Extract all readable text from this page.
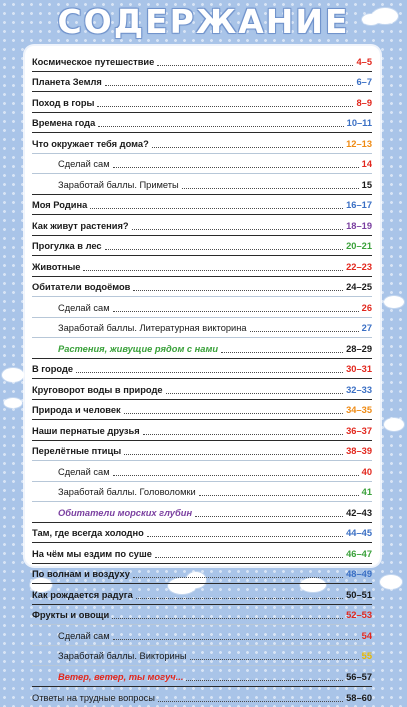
СОДЕРЖАНИЕ
Космическое путешествие	4–5
Планета Земля	6–7
Поход в горы	8–9
Времена года	10–11
Что окружает тебя дома?	12–13
Сделай сам	14
Заработай баллы. Приметы	15
Моя Родина	16–17
Как живут растения?	18–19
Прогулка в лес	20–21
Животные	22–23
Обитатели водоёмов	24–25
Сделай сам	26
Заработай баллы. Литературная викторина	27
Растения, живущие рядом с нами	28–29
В городе	30–31
Круговорот воды в природе	32–33
Природа и человек	34–35
Наши пернатые друзья	36–37
Перелётные птицы	38–39
Сделай сам	40
Заработай баллы. Головоломки	41
Обитатели морских глубин	42–43
Там, где всегда холодно	44–45
На чём мы ездим по суше	46–47
По волнам и воздуху	48–49
Как рождается радуга	50–51
Фрукты и овощи	52–53
Сделай сам	54
Заработай баллы. Викторины	55
Ветер, ветер, ты могуч...	56–57
Ответы на трудные вопросы	58–60
